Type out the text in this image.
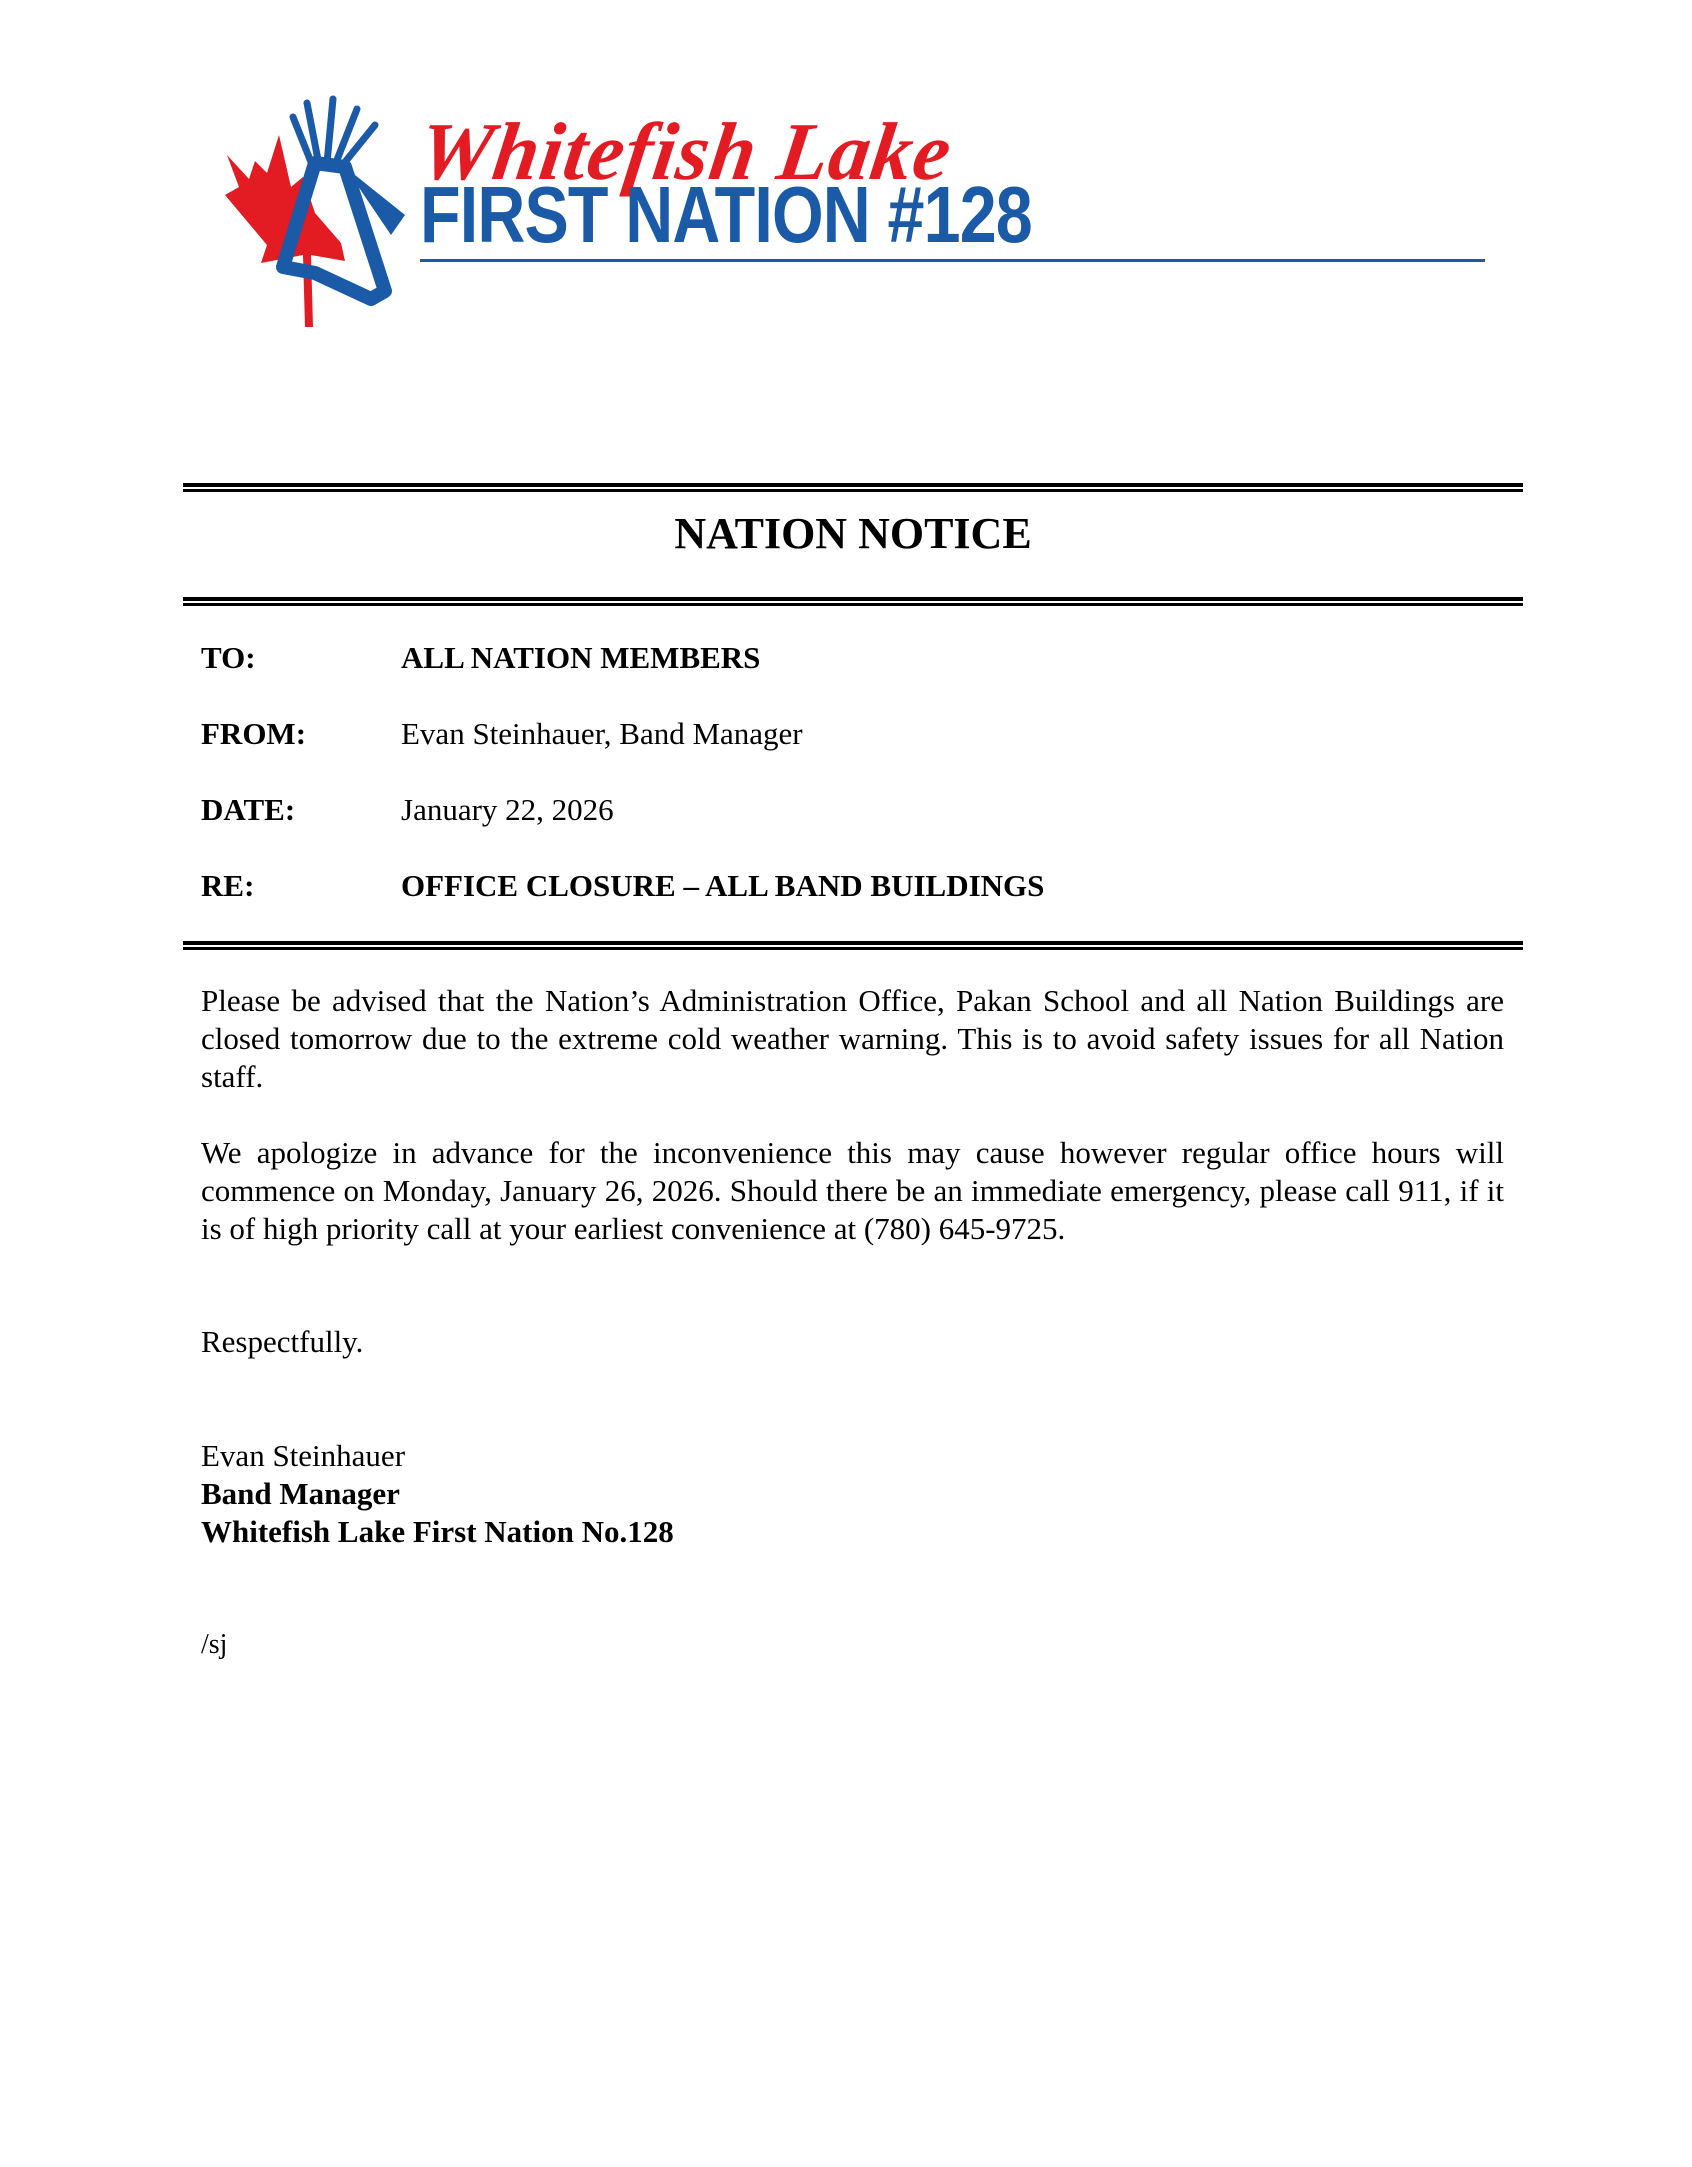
Whitefish Lake
FIRST NATION #128
NATION NOTICE
TO:	ALL NATION MEMBERS
FROM:	Evan Steinhauer, Band Manager
DATE:	January 22, 2026
RE:	OFFICE CLOSURE – ALL BAND BUILDINGS

Please be advised that the Nation’s Administration Office, Pakan School and all Nation Buildings are closed tomorrow due to the extreme cold weather warning. This is to avoid safety issues for all Nation staff.

We apologize in advance for the inconvenience this may cause however regular office hours will commence on Monday, January 26, 2026. Should there be an immediate emergency, please call 911, if it is of high priority call at your earliest convenience at (780) 645-9725.

Respectfully.
Evan Steinhauer
Band Manager
Whitefish Lake First Nation No.128
/sj
